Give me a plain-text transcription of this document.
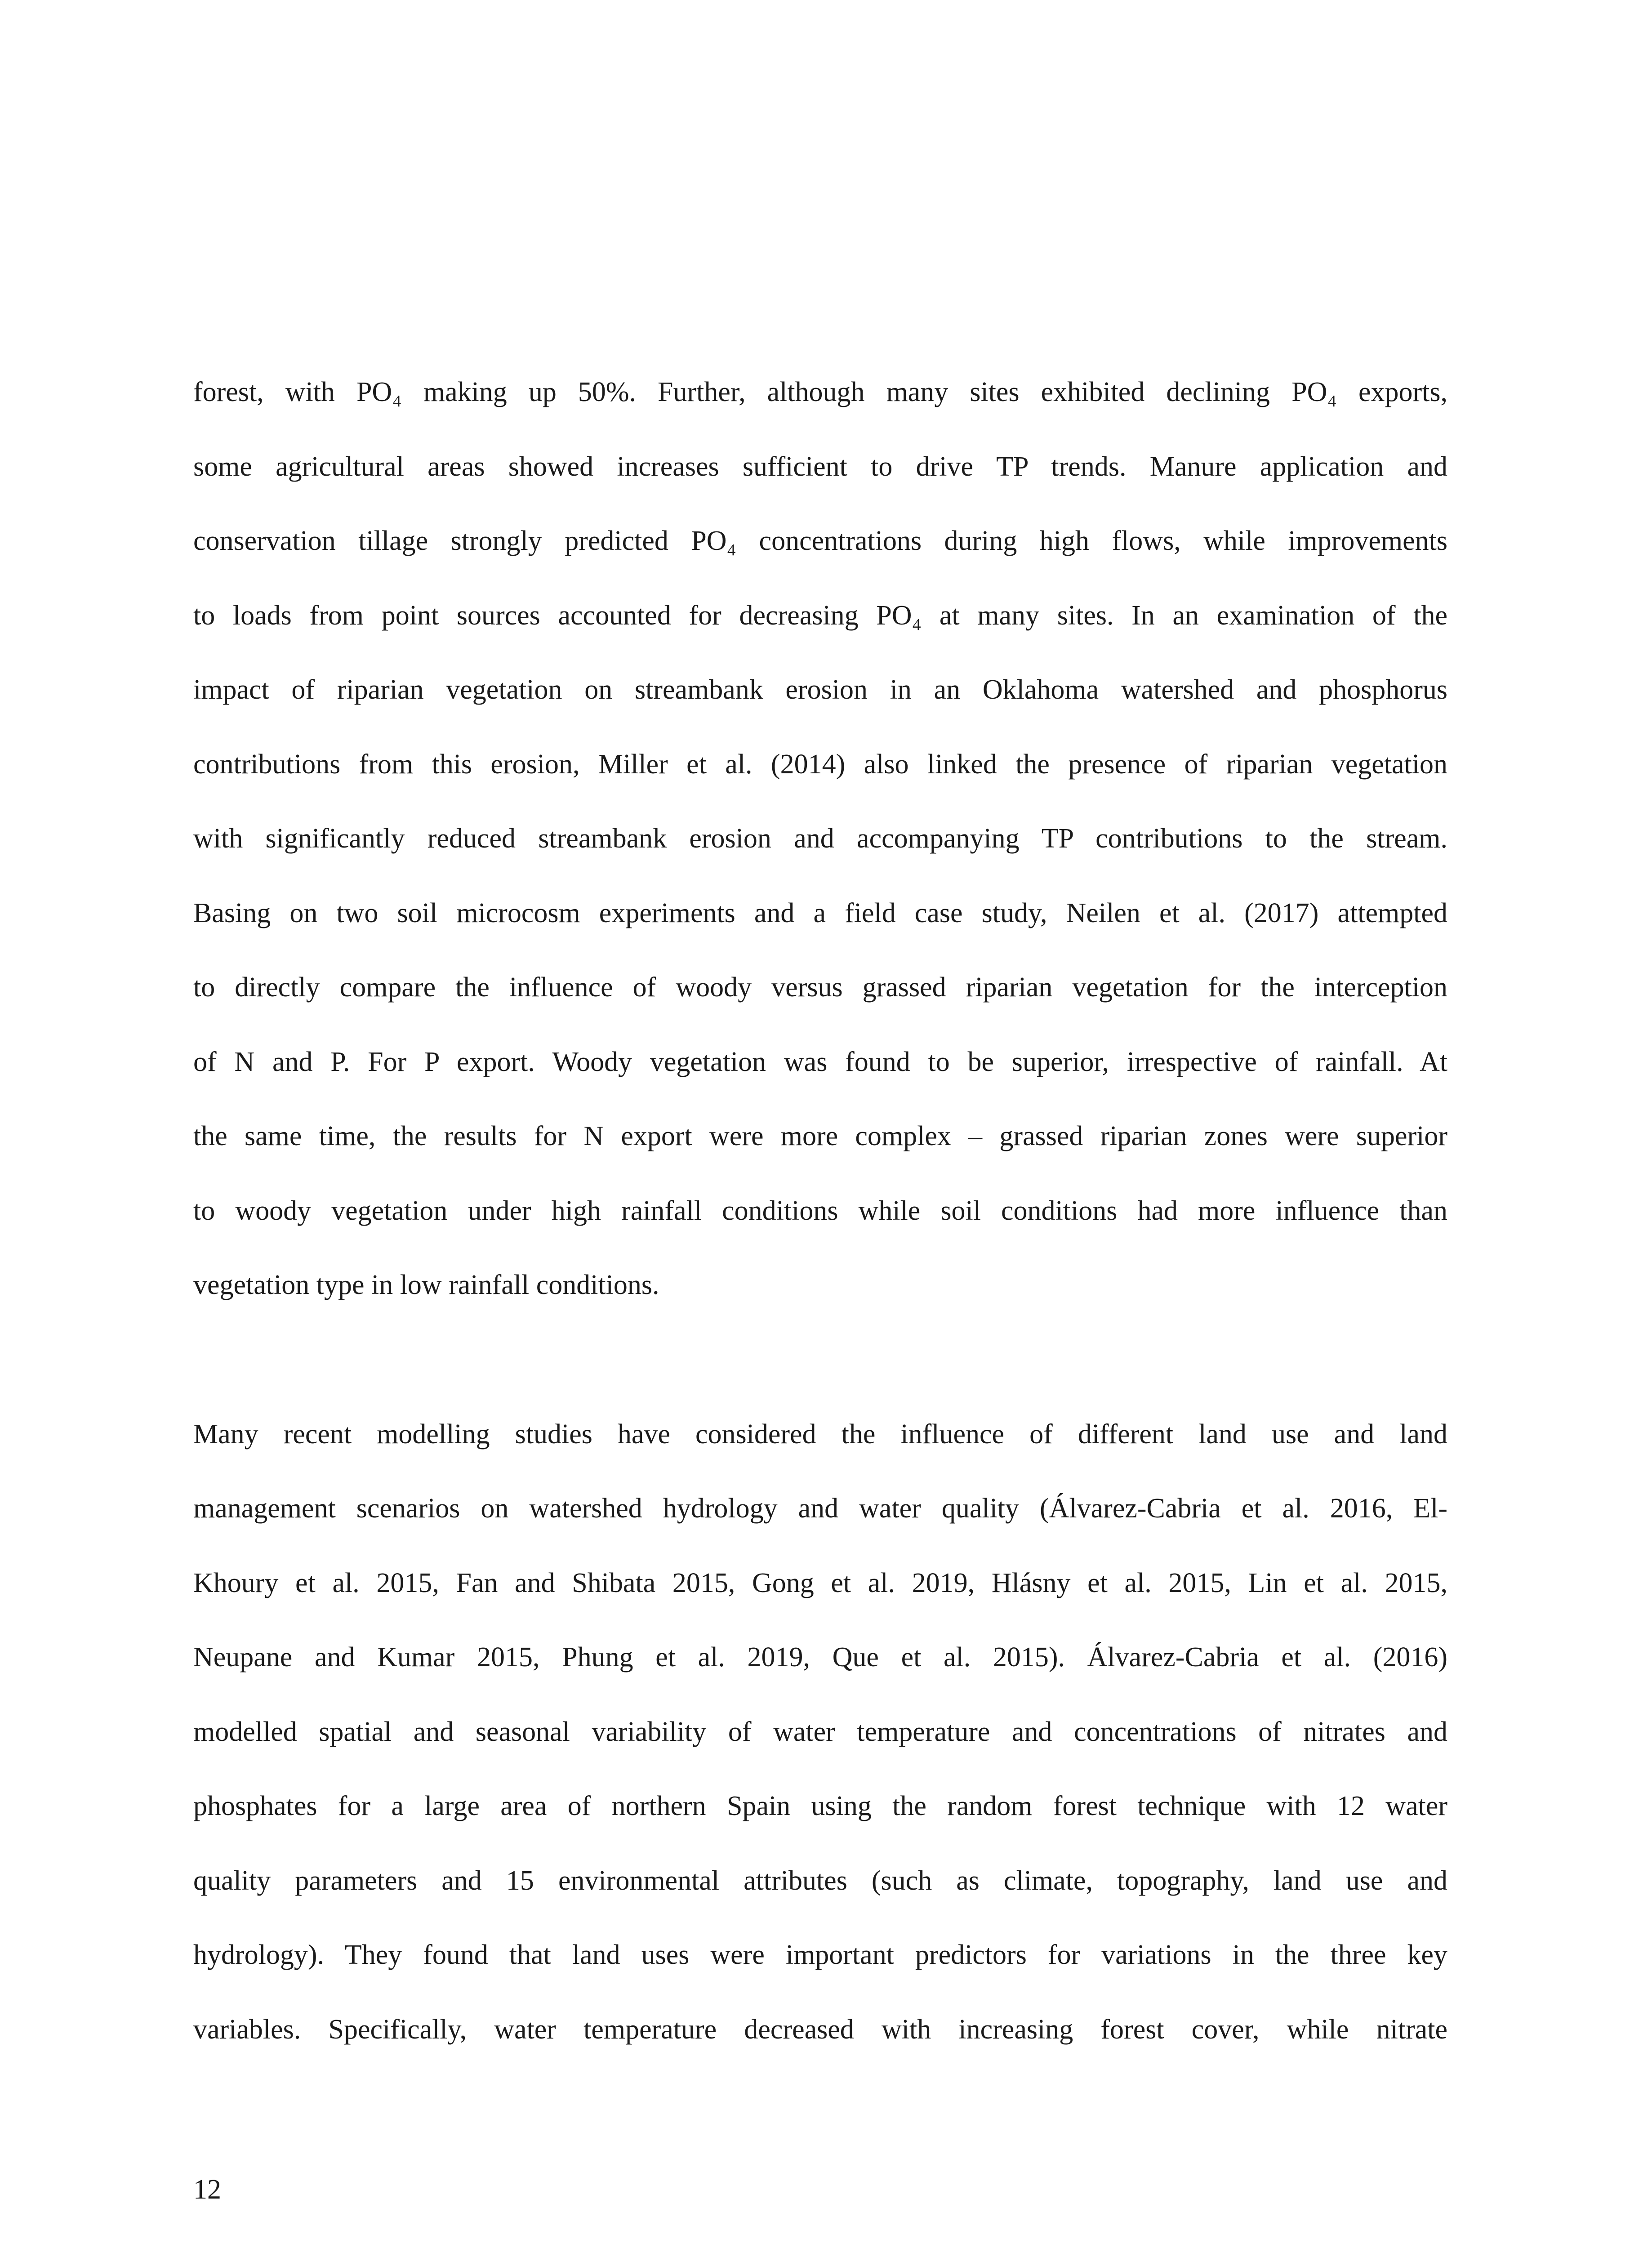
forest, with PO₄ making up 50%. Further, although many sites exhibited declining PO₄ exports,
some agricultural areas showed increases sufficient to drive TP trends. Manure application and
conservation tillage strongly predicted PO₄ concentrations during high flows, while improvements
to loads from point sources accounted for decreasing PO₄ at many sites. In an examination of the
impact of riparian vegetation on streambank erosion in an Oklahoma watershed and phosphorus
contributions from this erosion, Miller et al. (2014) also linked the presence of riparian vegetation
with significantly reduced streambank erosion and accompanying TP contributions to the stream.
Basing on two soil microcosm experiments and a field case study, Neilen et al. (2017) attempted
to directly compare the influence of woody versus grassed riparian vegetation for the interception
of N and P. For P export. Woody vegetation was found to be superior, irrespective of rainfall. At
the same time, the results for N export were more complex – grassed riparian zones were superior
to woody vegetation under high rainfall conditions while soil conditions had more influence than
vegetation type in low rainfall conditions.
Many recent modelling studies have considered the influence of different land use and land
management scenarios on watershed hydrology and water quality (Álvarez-Cabria et al. 2016, El-
Khoury et al. 2015, Fan and Shibata 2015, Gong et al. 2019, Hlásny et al. 2015, Lin et al. 2015,
Neupane and Kumar 2015, Phung et al. 2019, Que et al. 2015). Álvarez-Cabria et al. (2016)
modelled spatial and seasonal variability of water temperature and concentrations of nitrates and
phosphates for a large area of northern Spain using the random forest technique with 12 water
quality parameters and 15 environmental attributes (such as climate, topography, land use and
hydrology). They found that land uses were important predictors for variations in the three key
variables. Specifically, water temperature decreased with increasing forest cover, while nitrate
12
